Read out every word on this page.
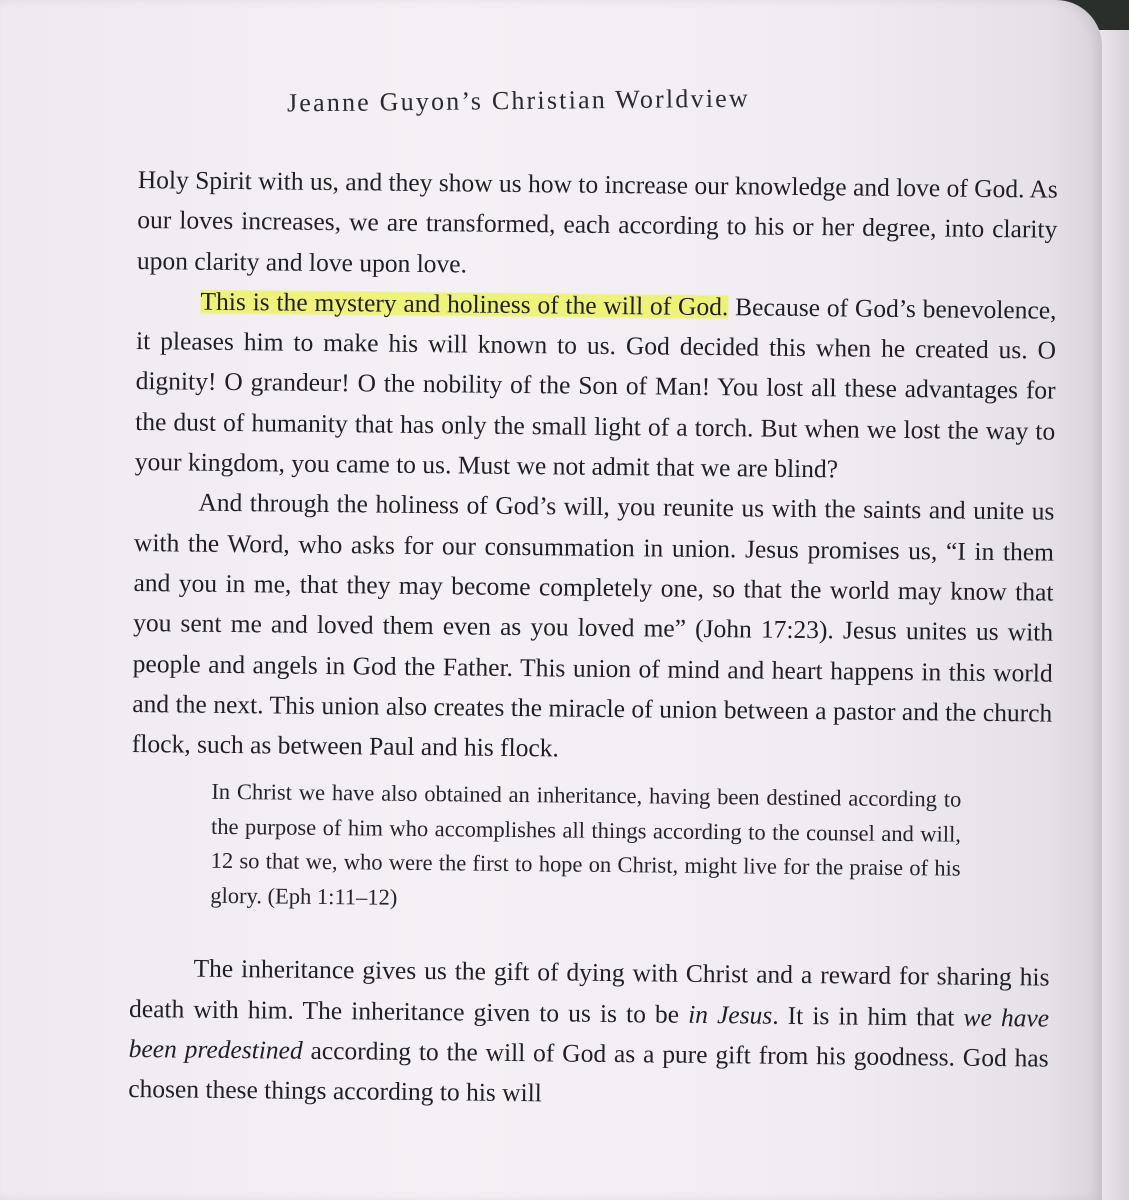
Jeanne Guyon’s Christian Worldview

Holy Spirit with us, and they show us how to increase our knowledge and love of God. As our loves increases, we are transformed, each according to his or her degree, into clarity upon clarity and love upon love.

This is the mystery and holiness of the will of God. Because of God’s benevolence, it pleases him to make his will known to us. God decided this when he created us. O dignity! O grandeur! O the nobility of the Son of Man! You lost all these advantages for the dust of humanity that has only the small light of a torch. But when we lost the way to your kingdom, you came to us. Must we not admit that we are blind?

And through the holiness of God’s will, you reunite us with the saints and unite us with the Word, who asks for our consummation in union. Jesus promises us, “I in them and you in me, that they may become completely one, so that the world may know that you sent me and loved them even as you loved me” (John 17:23). Jesus unites us with people and angels in God the Father. This union of mind and heart happens in this world and the next. This union also creates the miracle of union between a pastor and the church flock, such as between Paul and his flock.

In Christ we have also obtained an inheritance, having been destined according to the purpose of him who accomplishes all things according to the counsel and will, 12 so that we, who were the first to hope on Christ, might live for the praise of his glory. (Eph 1:11–12)

The inheritance gives us the gift of dying with Christ and a reward for sharing his death with him. The inheritance given to us is to be in Jesus. It is in him that we have been predestined according to the will of God as a pure gift from his goodness. God has chosen these things according to his will
